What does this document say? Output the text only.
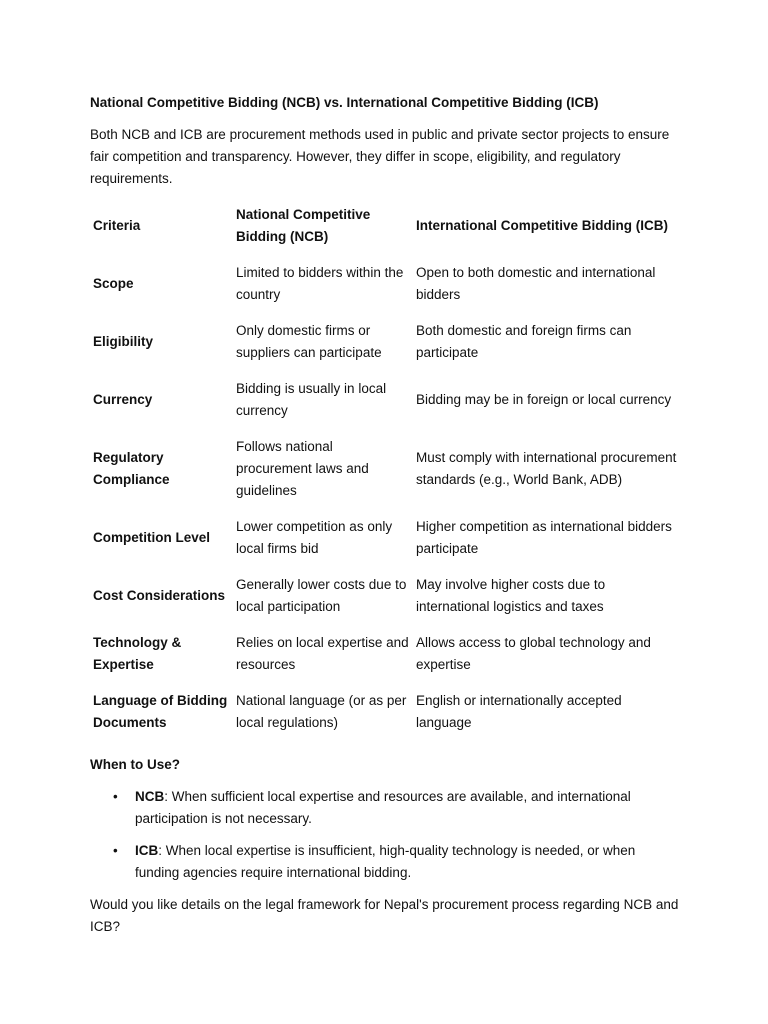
National Competitive Bidding (NCB) vs. International Competitive Bidding (ICB)
Both NCB and ICB are procurement methods used in public and private sector projects to ensure fair competition and transparency. However, they differ in scope, eligibility, and regulatory requirements.
Criteria	National Competitive Bidding (NCB)	International Competitive Bidding (ICB)
Scope	Limited to bidders within the country	Open to both domestic and international bidders
Eligibility	Only domestic firms or suppliers can participate	Both domestic and foreign firms can participate
Currency	Bidding is usually in local currency	Bidding may be in foreign or local currency
Regulatory Compliance	Follows national procurement laws and guidelines	Must comply with international procurement standards (e.g., World Bank, ADB)
Competition Level	Lower competition as only local firms bid	Higher competition as international bidders participate
Cost Considerations	Generally lower costs due to local participation	May involve higher costs due to international logistics and taxes
Technology & Expertise	Relies on local expertise and resources	Allows access to global technology and expertise
Language of Bidding Documents	National language (or as per local regulations)	English or internationally accepted language
When to Use?
• NCB: When sufficient local expertise and resources are available, and international participation is not necessary.
• ICB: When local expertise is insufficient, high-quality technology is needed, or when funding agencies require international bidding.
Would you like details on the legal framework for Nepal's procurement process regarding NCB and ICB?
